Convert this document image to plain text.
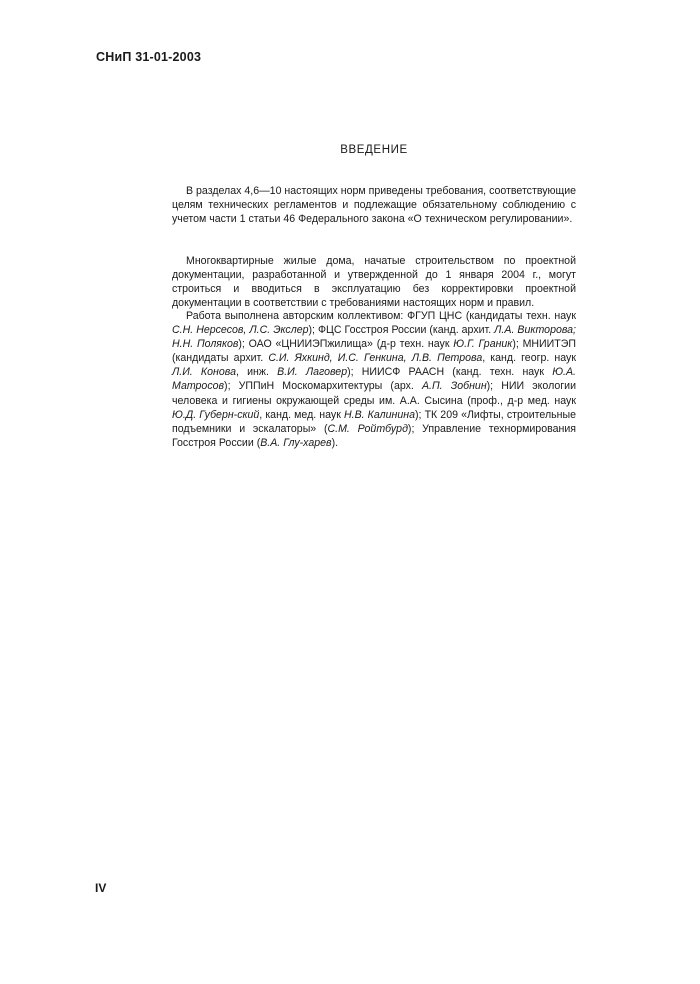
СНиП 31-01-2003
ВВЕДЕНИЕ

В разделах 4,6—10 настоящих норм приведены требования, соответствующие целям технических регламентов и подлежащие обязательному соблюдению с учетом части 1 статьи 46 Федерального закона «О техническом регулировании».

Многоквартирные жилые дома, начатые строительством по проектной документации, разработанной и утвержденной до 1 января 2004 г., могут строиться и вводиться в эксплуатацию без корректировки проектной документации в соответствии с требованиями настоящих норм и правил.

Работа выполнена авторским коллективом: ФГУП ЦНС (кандидаты техн. наук С.Н. Нерсесов, Л.С. Экслер); ФЦС Госстроя России (канд. архит. Л.А. Викторова; Н.Н. Поляков); ОАО «ЦНИИЭПжилища» (д-р техн. наук Ю.Г. Граник); МНИИТЭП (кандидаты архит. С.И. Яхкинд, И.С. Генкина, Л.В. Петрова, канд. геогр. наук Л.И. Конова, инж. В.И. Лаговер); НИИСФ РААСН (канд. техн. наук Ю.А. Матросов); УППиН Москомархитектуры (арх. А.П. Зобнин); НИИ экологии человека и гигиены окружающей среды им. А.А. Сысина (проф., д-р мед. наук Ю.Д. Губерн-ский, канд. мед. наук Н.В. Калинина); ТК 209 «Лифты, строительные подъемники и эскалаторы» (С.М. Ройтбурд); Управление технормирования Госстроя России (В.А. Глу-харев).

IV
